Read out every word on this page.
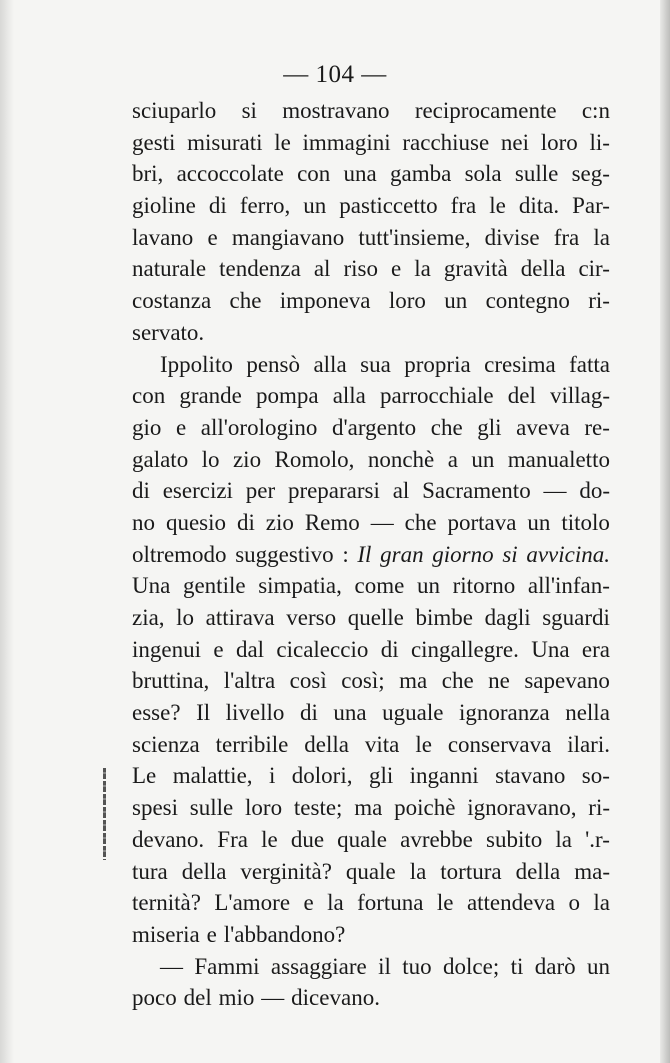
— 104 —
sciuparlo si mostravano reciprocamente c:n
gesti misurati le immagini racchiuse nei loro li-
bri, accoccolate con una gamba sola sulle seg-
gioline di ferro, un pasticcetto fra le dita. Par-
lavano e mangiavano tutt'insieme, divise fra la
naturale tendenza al riso e la gravità della cir-
costanza che imponeva loro un contegno ri-
servato.
Ippolito pensò alla sua propria cresima fatta
con grande pompa alla parrocchiale del villag-
gio e all'orologino d'argento che gli aveva re-
galato lo zio Romolo, nonchè a un manualetto
di esercizi per prepararsi al Sacramento — do-
no quesio di zio Remo — che portava un titolo
oltremodo suggestivo : Il gran giorno si avvicina.
Una gentile simpatia, come un ritorno all'infan-
zia, lo attirava verso quelle bimbe dagli sguardi
ingenui e dal cicaleccio di cingallegre. Una era
bruttina, l'altra così così; ma che ne sapevano
esse? Il livello di una uguale ignoranza nella
scienza terribile della vita le conservava ilari.
Le malattie, i dolori, gli inganni stavano so-
spesi sulle loro teste; ma poichè ignoravano, ri-
devano. Fra le due quale avrebbe subito la '.r-
tura della verginità? quale la tortura della ma-
ternità? L'amore e la fortuna le attendeva o la
miseria e l'abbandono?
— Fammi assaggiare il tuo dolce; ti darò un
poco del mio — dicevano.
